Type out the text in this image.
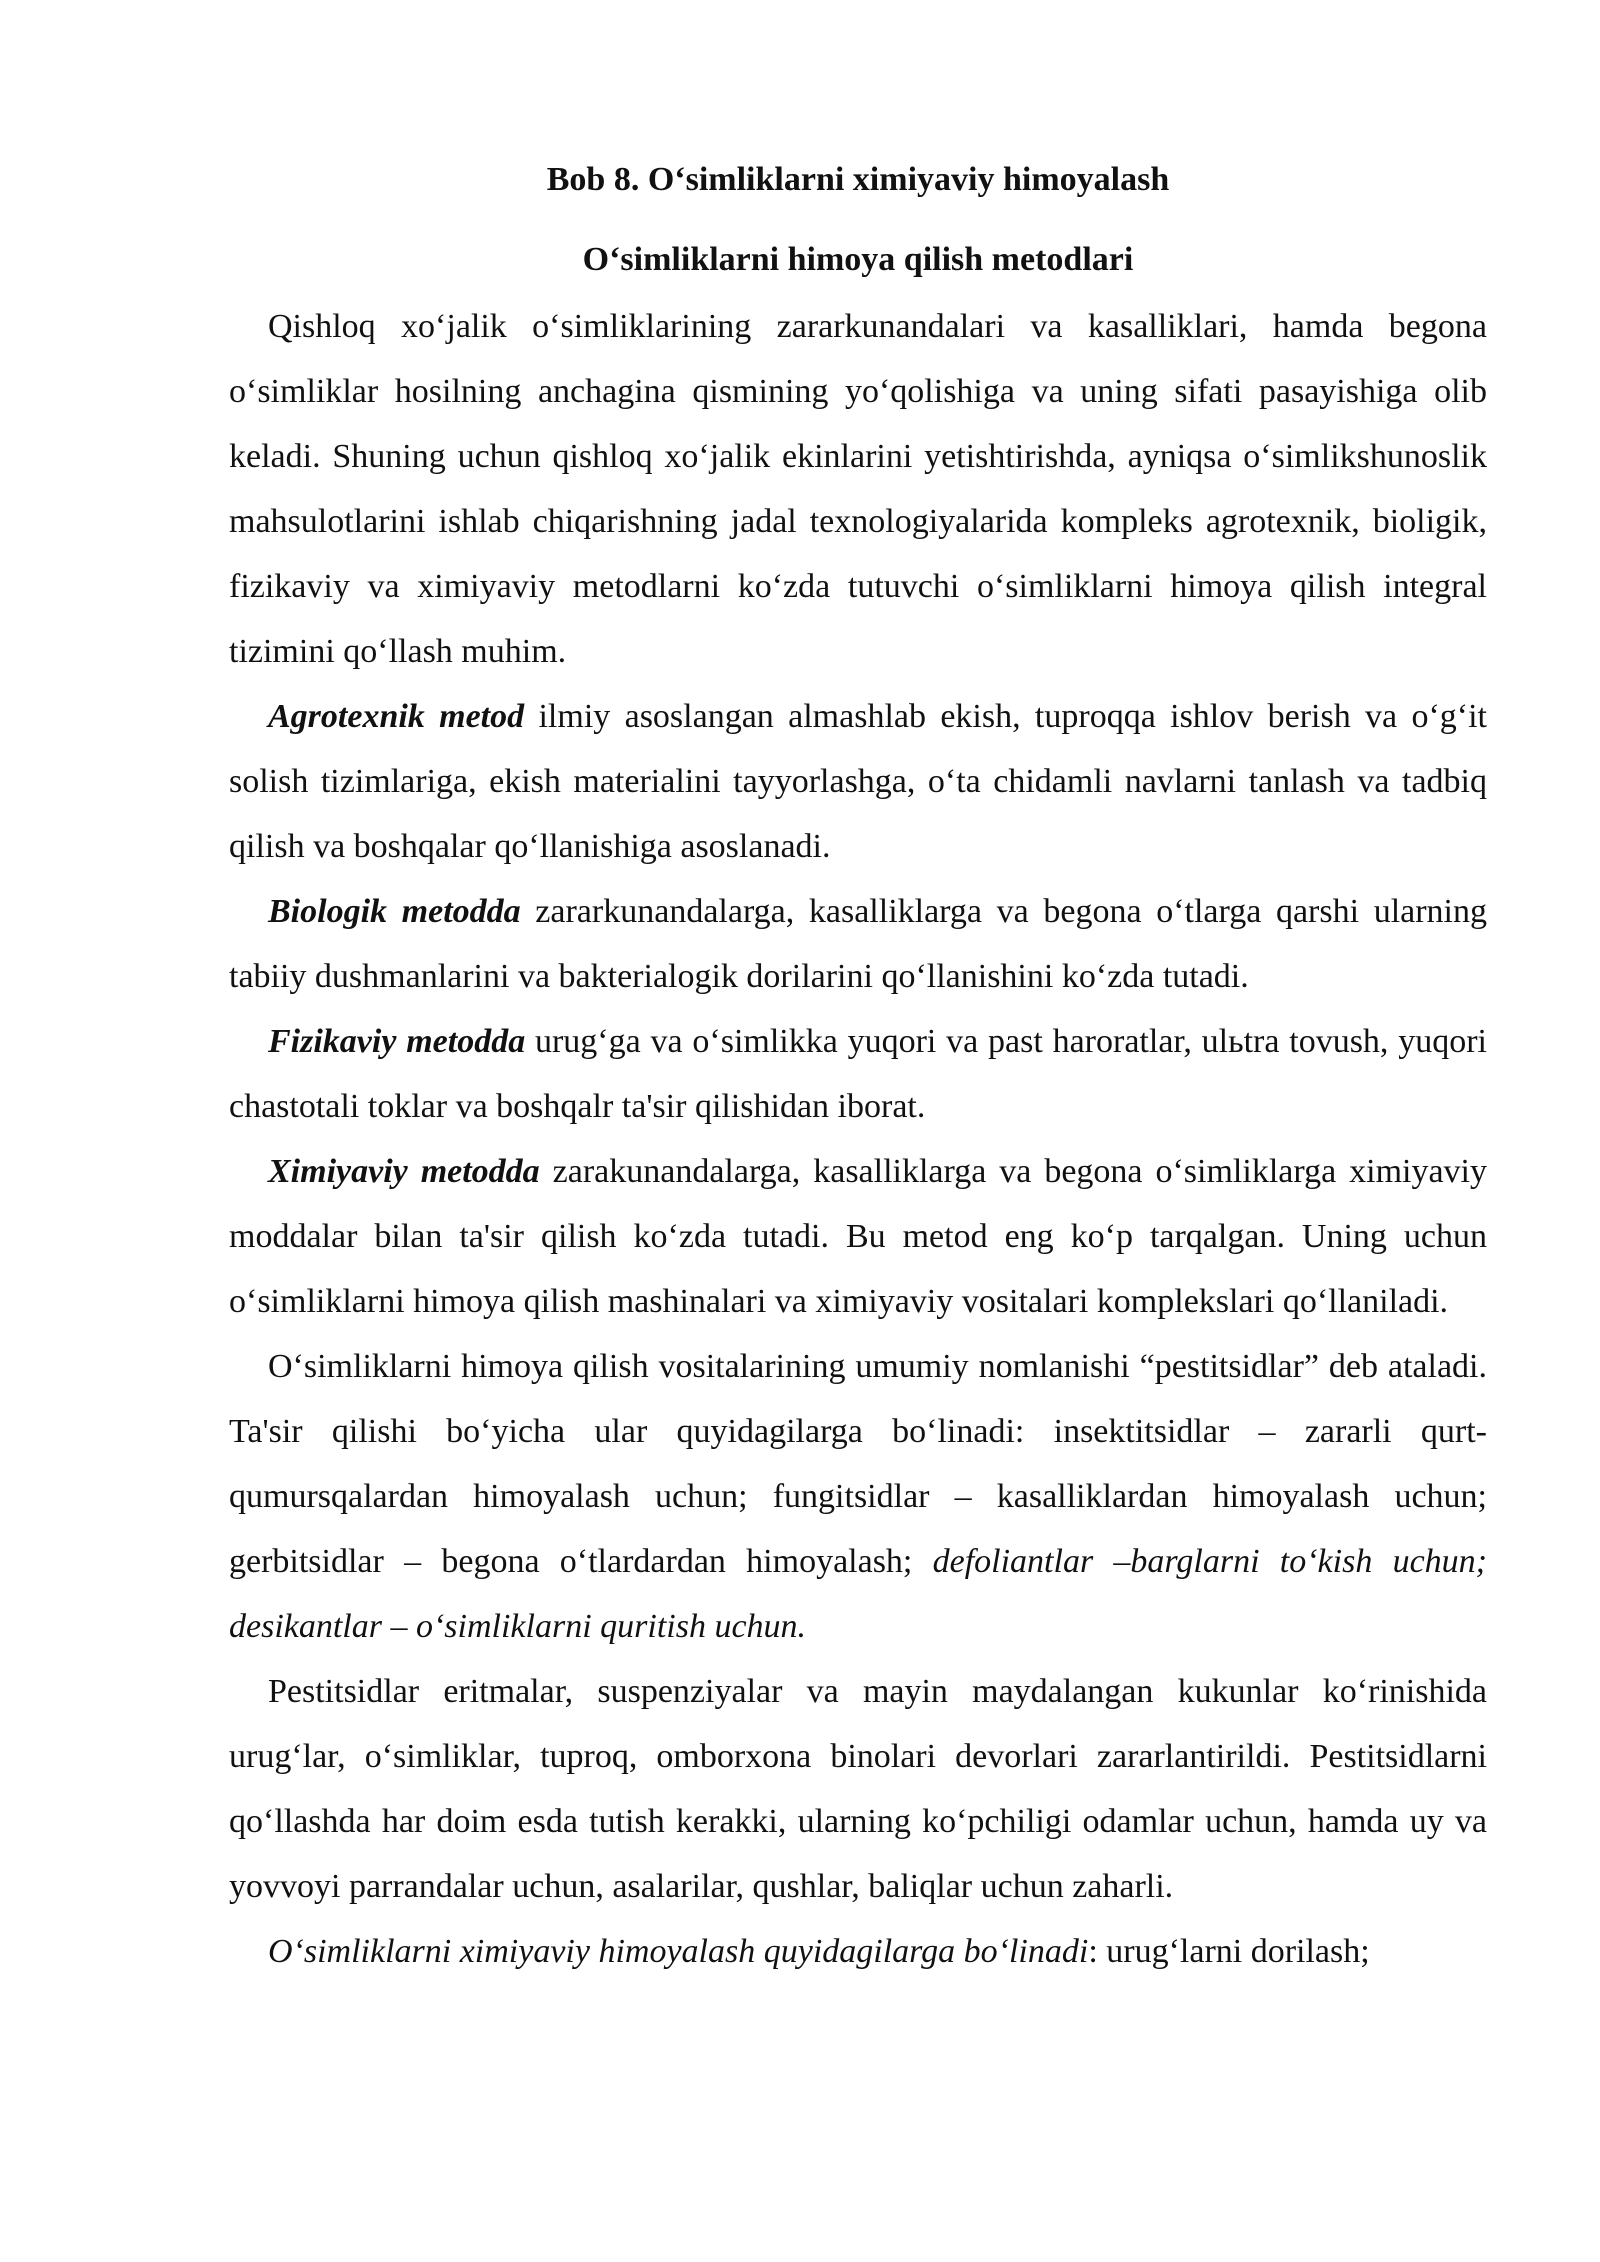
Bob 8. O‘simliklarni ximiyaviy himoyalash

O‘simliklarni himoya qilish metodlari

Qishloq xo‘jalik o‘simliklarining zararkunandalari va kasalliklari, hamda begona o‘simliklar hosilning anchagina qismining yo‘qolishiga va uning sifati pasayishiga olib keladi. Shuning uchun qishloq xo‘jalik ekinlarini yetishtirishda, ayniqsa o‘simlikshunoslik mahsulotlarini ishlab chiqarishning jadal texnologiyalarida kompleks agrotexnik, bioligik, fizikaviy va ximiyaviy metodlarni ko‘zda tutuvchi o‘simliklarni himoya qilish integral tizimini qo‘llash muhim.

Agrotexnik metod ilmiy asoslangan almashlab ekish, tuproqqa ishlov berish va o‘g‘it solish tizimlariga, ekish materialini tayyorlashga, o‘ta chidamli navlarni tanlash va tadbiq qilish va boshqalar qo‘llanishiga asoslanadi.

Biologik metodda zararkunandalarga, kasalliklarga va begona o‘tlarga qarshi ularning tabiiy dushmanlarini va bakterialogik dorilarini qo‘llanishini ko‘zda tutadi.

Fizikaviy metodda urug‘ga va o‘simlikka yuqori va past haroratlar, ulьtra tovush, yuqori chastotali toklar va boshqalr ta'sir qilishidan iborat.

Ximiyaviy metodda zarakunandalarga, kasalliklarga va begona o‘simliklarga ximiyaviy moddalar bilan ta'sir qilish ko‘zda tutadi. Bu metod eng ko‘p tarqalgan. Uning uchun o‘simliklarni himoya qilish mashinalari va ximiyaviy vositalari komplekslari qo‘llaniladi.

O‘simliklarni himoya qilish vositalarining umumiy nomlanishi “pestitsidlar” deb ataladi. Ta'sir qilishi bo‘yicha ular quyidagilarga bo‘linadi: insektitsidlar – zararli qurt-qumursqalardan himoyalash uchun; fungitsidlar – kasalliklardan himoyalash uchun; gerbitsidlar – begona o‘tlardardan himoyalash; defoliantlar –barglarni to‘kish uchun; desikantlar – o‘simliklarni quritish uchun.

Pestitsidlar eritmalar, suspenziyalar va mayin maydalangan kukunlar ko‘rinishida urug‘lar, o‘simliklar, tuproq, omborxona binolari devorlari zararlantirildi. Pestitsidlarni qo‘llashda har doim esda tutish kerakki, ularning ko‘pchiligi odamlar uchun, hamda uy va yovvoyi parrandalar uchun, asalarilar, qushlar, baliqlar uchun zaharli.

O‘simliklarni ximiyaviy himoyalash quyidagilarga bo‘linadi: urug‘larni dorilash;
